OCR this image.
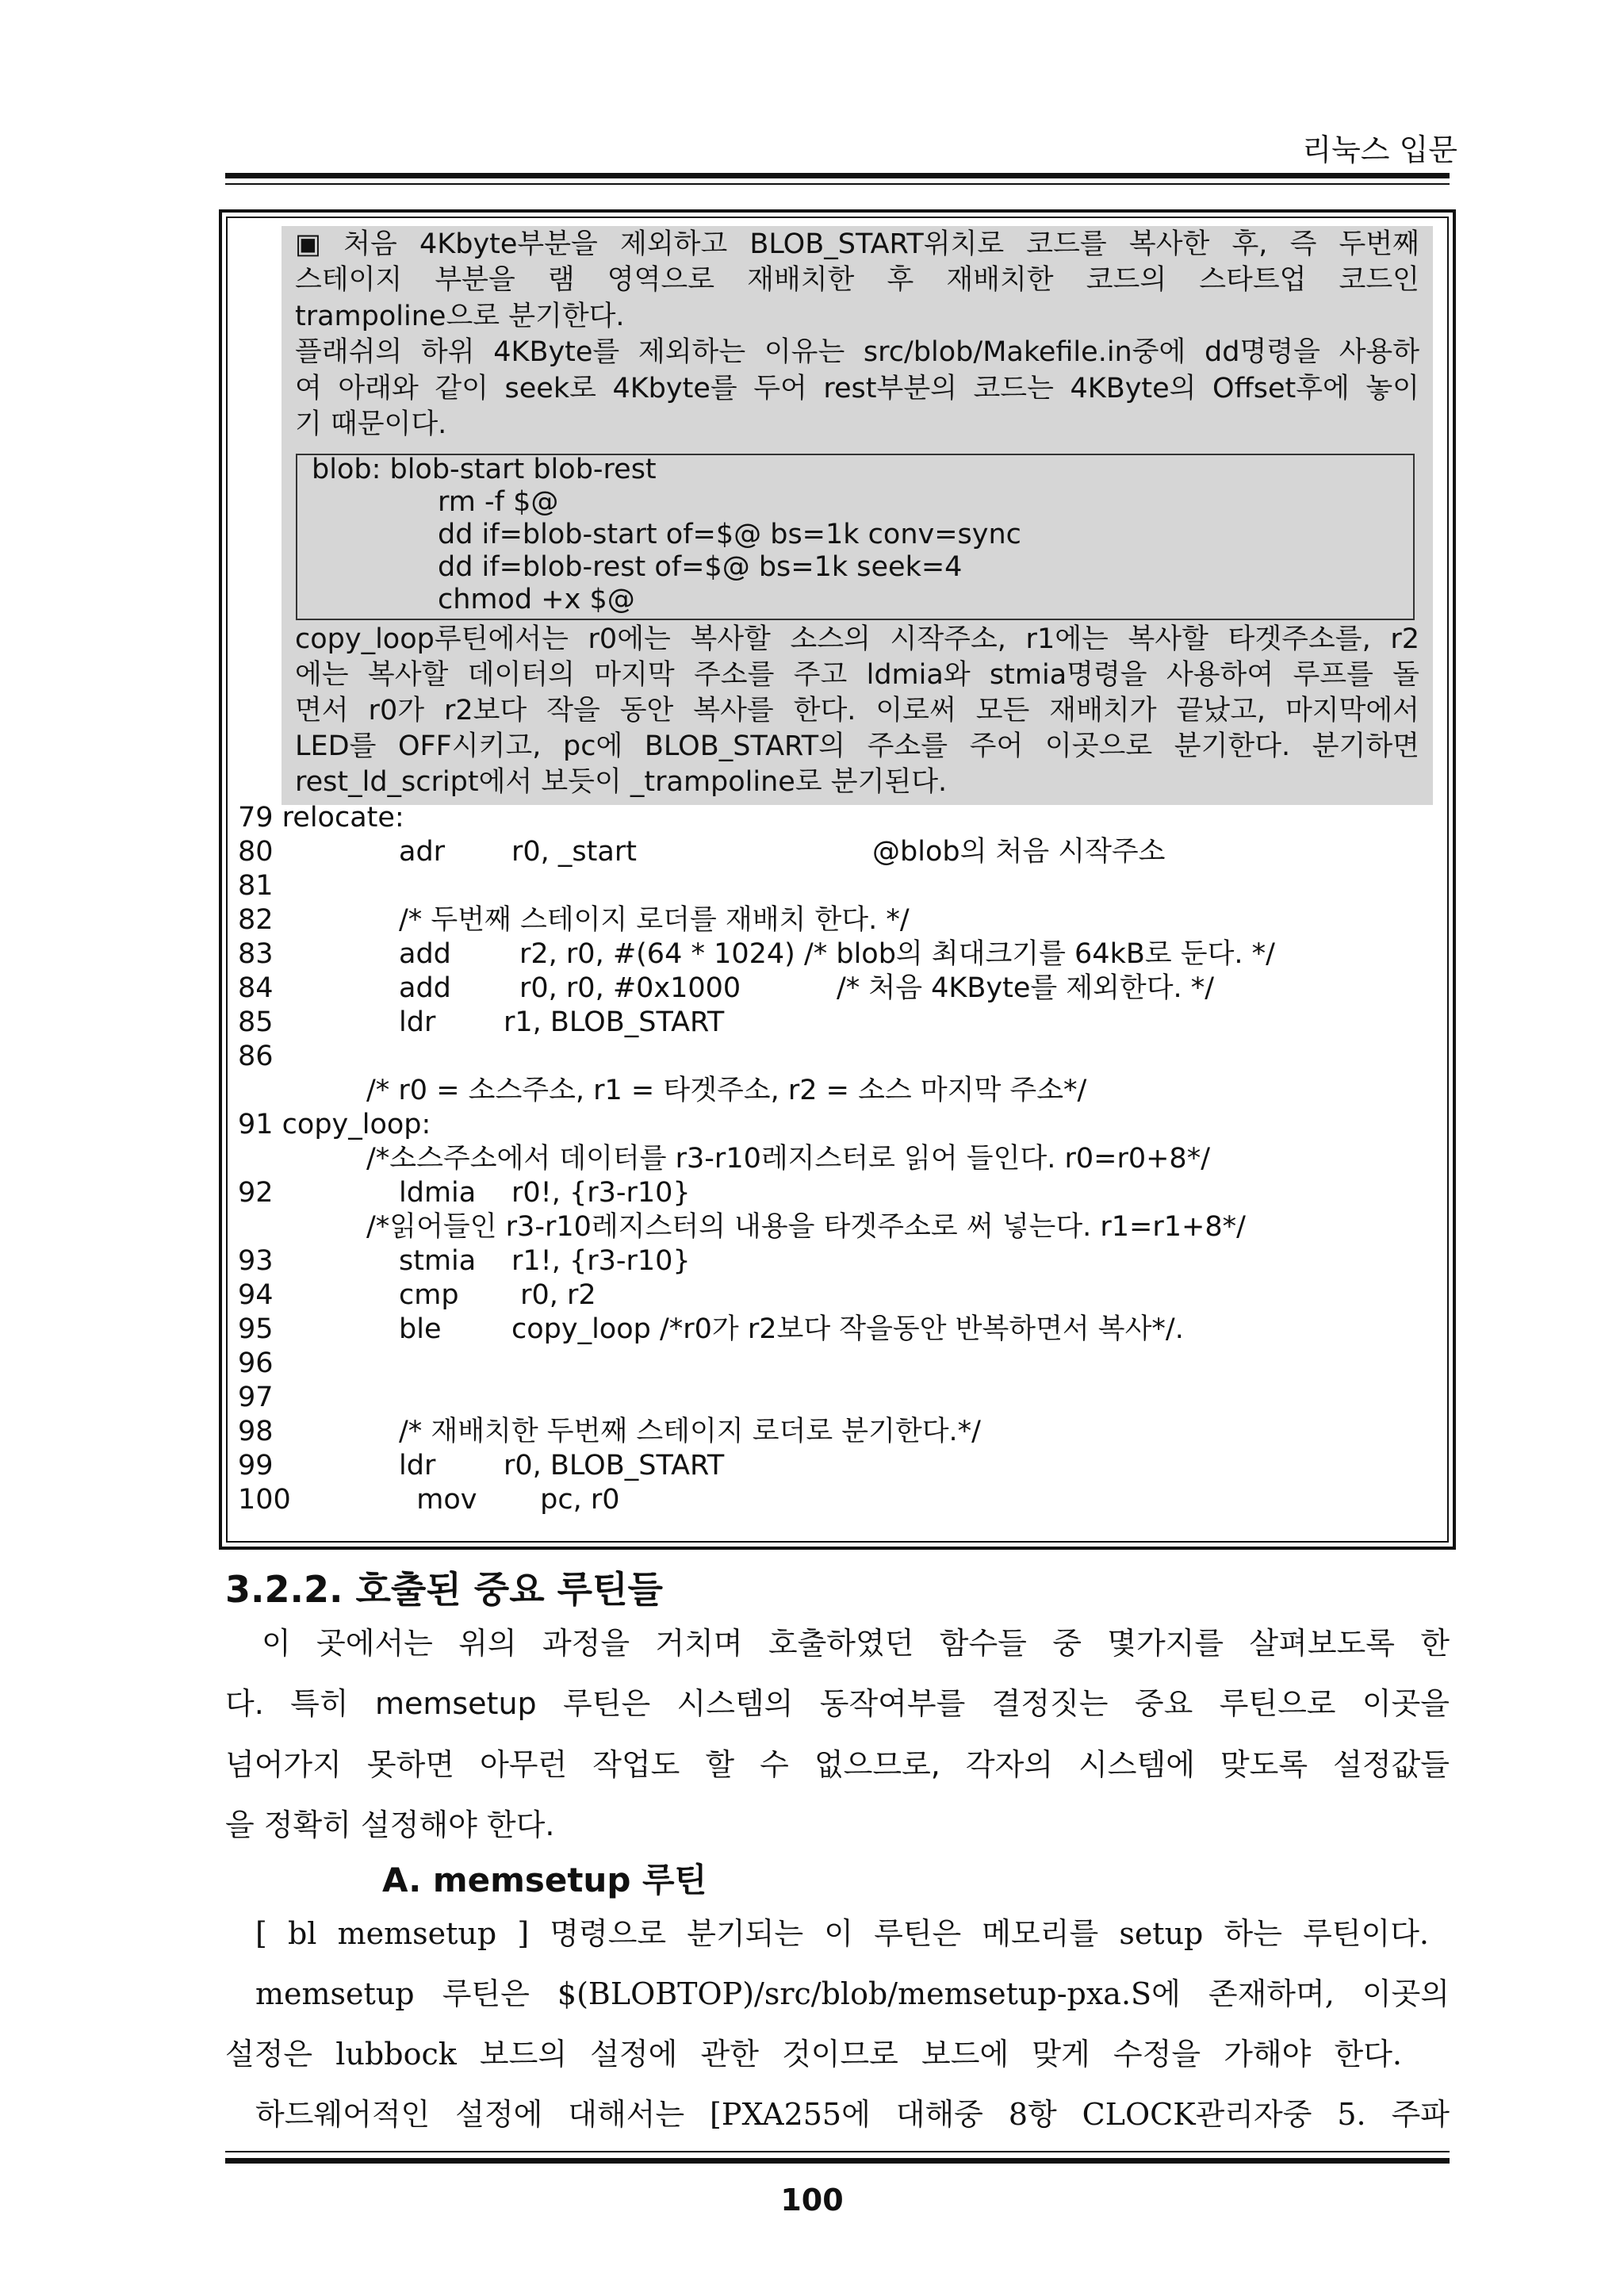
리눅스 입문
▣ 처음 4Kbyte부분을 제외하고 BLOB_START위치로 코드를 복사한 후, 즉 두번째
스테이지 부분을 램 영역으로 재배치한 후 재배치한 코드의 스타트업 코드인
trampoline으로 분기한다.
플래쉬의 하위 4KByte를 제외하는 이유는 src/blob/Makefile.in중에 dd명령을 사용하
여 아래와 같이 seek로 4Kbyte를 두어 rest부분의 코드는 4KByte의 Offset후에 놓이
기 때문이다.
blob: blob-start blob-rest
rm -f $@
dd if=blob-start of=$@ bs=1k conv=sync
dd if=blob-rest of=$@ bs=1k seek=4
chmod +x $@
copy_loop루틴에서는 r0에는 복사할 소스의 시작주소, r1에는 복사할 타겟주소를, r2
에는 복사할 데이터의 마지막 주소를 주고 ldmia와 stmia명령을 사용하여 루프를 돌
면서 r0가 r2보다 작을 동안 복사를 한다. 이로써 모든 재배치가 끝났고, 마지막에서
LED를 OFF시키고, pc에 BLOB_START의 주소를 주어 이곳으로 분기한다. 분기하면
rest_ld_script에서 보듯이 _trampoline로 분기된다.
79 relocate:
80	adr r0, _start	@blob의 처음 시작주소
81
82	/* 두번째 스테이지 로더를 재배치 한다. */
83	add r2, r0, #(64 * 1024) /* blob의 최대크기를 64kB로 둔다. */
84	add r0, r0, #0x1000	/* 처음 4KByte를 제외한다. */
85	ldr r1, BLOB_START
86
/* r0 = 소스주소, r1 = 타겟주소, r2 = 소스 마지막 주소*/
91 copy_loop:
/*소스주소에서 데이터를 r3-r10레지스터로 읽어 들인다. r0=r0+8*/
92	ldmia r0!, {r3-r10}
/*읽어들인 r3-r10레지스터의 내용을 타겟주소로 써 넣는다. r1=r1+8*/
93	stmia r1!, {r3-r10}
94	cmp r0, r2
95	ble	copy_loop /*r0가 r2보다 작을동안 반복하면서 복사*/.
96
97
98	/* 재배치한 두번째 스테이지 로더로 분기한다.*/
99	ldr r0, BLOB_START
100	mov pc, r0
3.2.2. 호출된 중요 루틴들
이 곳에서는 위의 과정을 거치며 호출하였던 함수들 중 몇가지를 살펴보도록 한
다. 특히 memsetup 루틴은 시스템의 동작여부를 결정짓는 중요 루틴으로 이곳을
넘어가지 못하면 아무런 작업도 할 수 없으므로, 각자의 시스템에 맞도록 설정값들
을 정확히 설정해야 한다.
A. memsetup 루틴
[ bl memsetup ] 명령으로 분기되는 이 루틴은 메모리를 setup 하는 루틴이다.
memsetup 루틴은 $(BLOBTOP)/src/blob/memsetup-pxa.S에 존재하며, 이곳의
설정은 lubbock 보드의 설정에 관한 것이므로 보드에 맞게 수정을 가해야 한다.
하드웨어적인 설정에 대해서는 [PXA255에 대해중 8항 CLOCK관리자중 5. 주파
100
